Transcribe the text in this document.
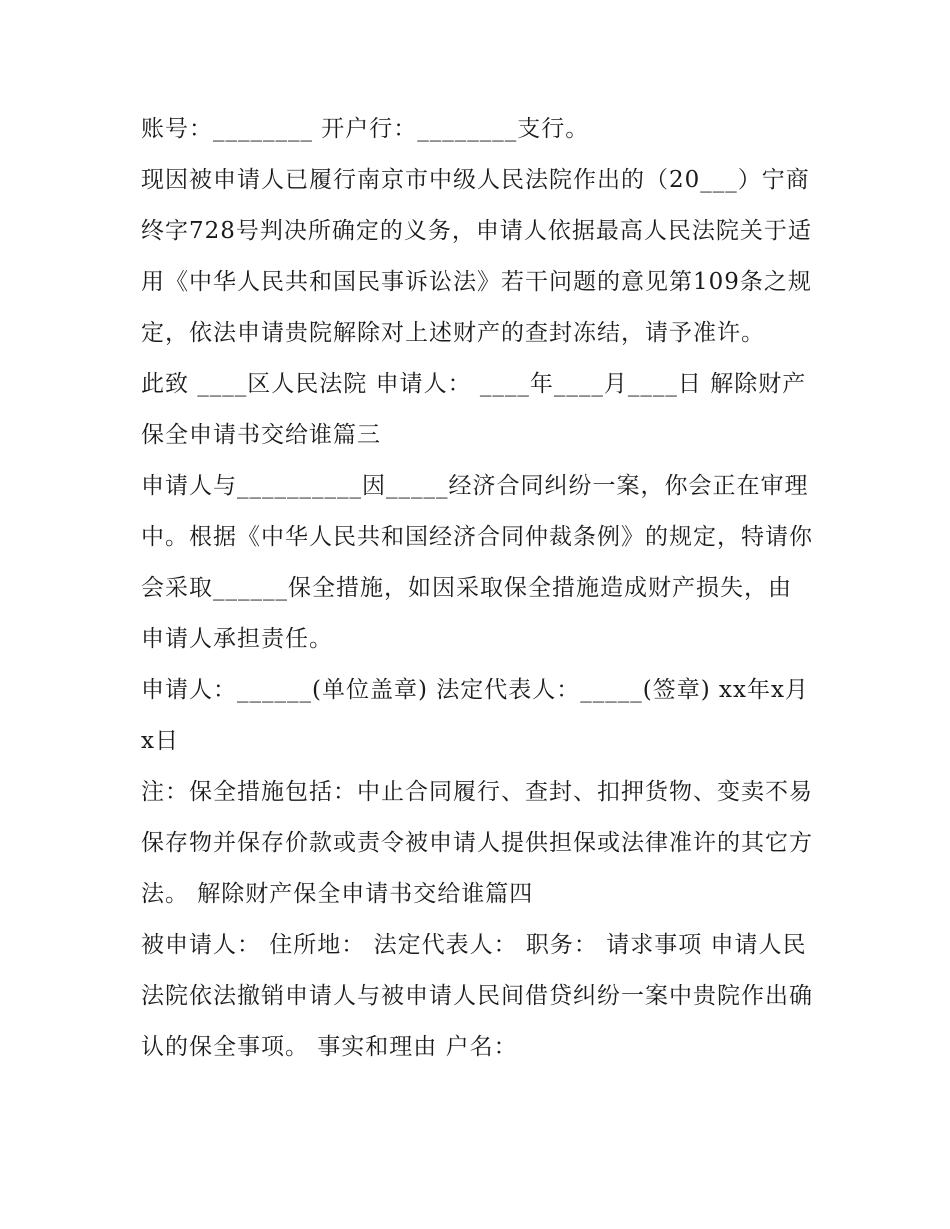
账号：________ 开户行：________支行。

现因被申请人已履行南京市中级人民法院作出的（20___）宁商终字728号判决所确定的义务，申请人依据最高人民法院关于适用《中华人民共和国民事诉讼法》若干问题的意见第109条之规定，依法申请贵院解除对上述财产的查封冻结，请予准许。

此致 ____区人民法院 申请人： ____年____月____日 解除财产保全申请书交给谁篇三

申请人与__________因_____经济合同纠纷一案，你会正在审理中。根据《中华人民共和国经济合同仲裁条例》的规定，特请你会采取______保全措施，如因采取保全措施造成财产损失，由申请人承担责任。

申请人：______(单位盖章) 法定代表人：_____(签章) xx年x月x日

注：保全措施包括：中止合同履行、查封、扣押货物、变卖不易保存物并保存价款或责令被申请人提供担保或法律准许的其它方法。 解除财产保全申请书交给谁篇四

被申请人： 住所地： 法定代表人： 职务： 请求事项 申请人民法院依法撤销申请人与被申请人民间借贷纠纷一案中贵院作出确认的保全事项。 事实和理由 户名：
